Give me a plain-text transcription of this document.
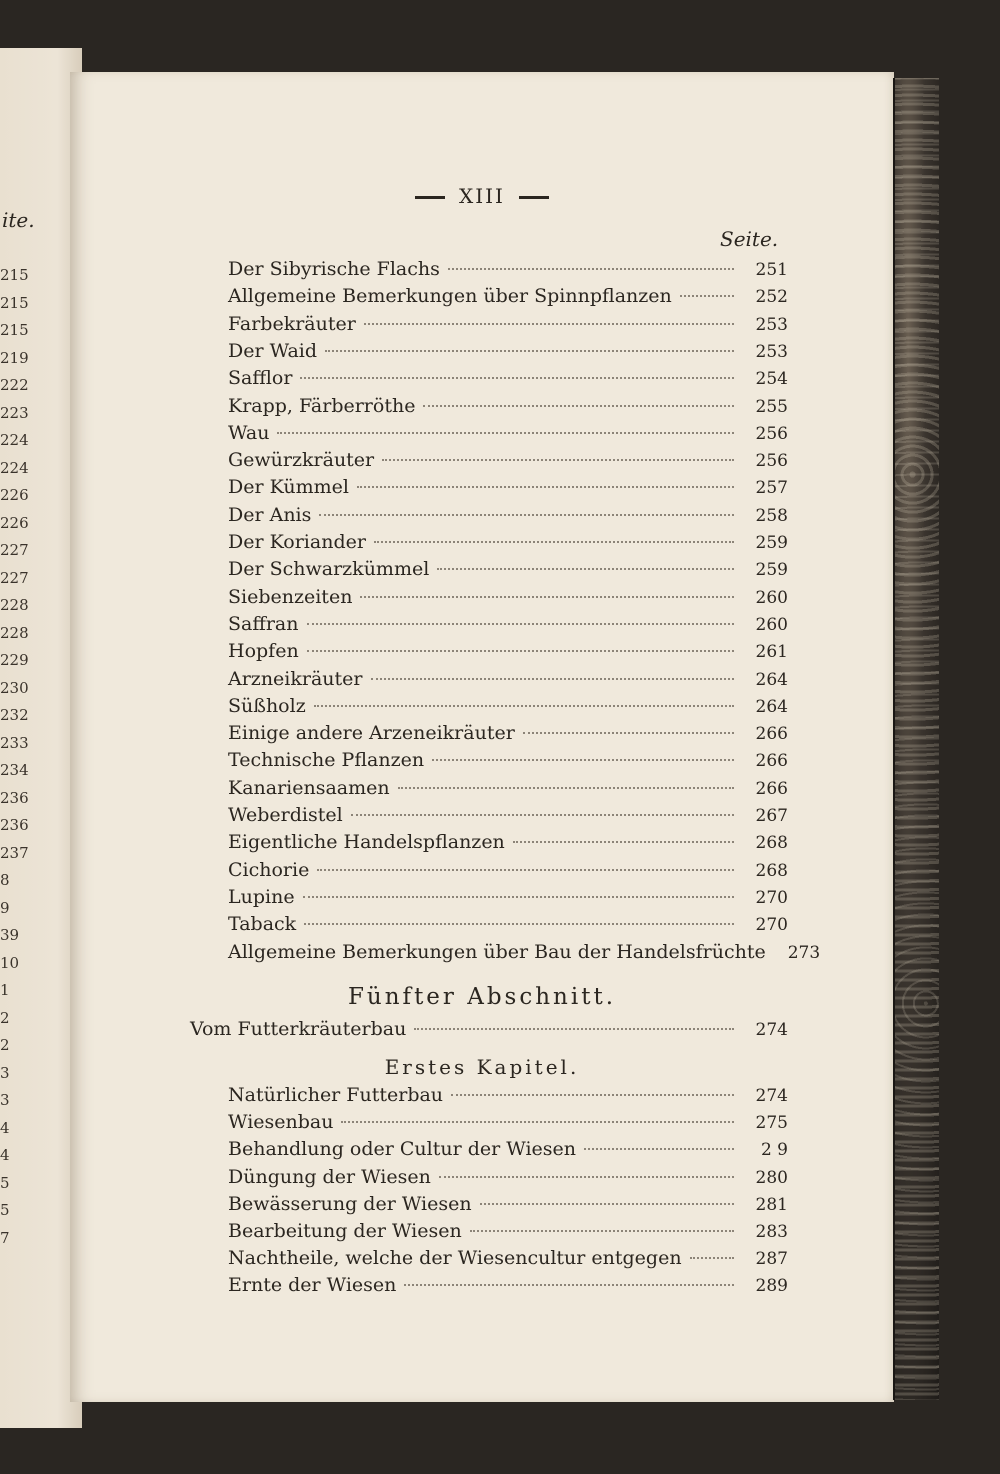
ite.
215
215
215
219
222
223
224
224
226
226
227
227
228
228
229
230
232
233
234
236
236
237
8
9
39
10
1
2
2
3
3
4
4
5
5
7
XIII
Seite.
Der Sibyrische Flachs	251
Allgemeine Bemerkungen über Spinnpflanzen	252
Farbekräuter	253
Der Waid	253
Safflor	254
Krapp, Färberröthe	255
Wau	256
Gewürzkräuter	256
Der Kümmel	257
Der Anis	258
Der Koriander	259
Der Schwarzkümmel	259
Siebenzeiten	260
Saffran	260
Hopfen	261
Arzneikräuter	264
Süßholz	264
Einige andere Arzeneikräuter	266
Technische Pflanzen	266
Kanariensaamen	266
Weberdistel	267
Eigentliche Handelspflanzen	268
Cichorie	268
Lupine	270
Taback	270
Allgemeine Bemerkungen über Bau der Handelsfrüchte	273
Fünfter Abschnitt.
Vom Futterkräuterbau	274
Erstes Kapitel.
Natürlicher Futterbau	274
Wiesenbau	275
Behandlung oder Cultur der Wiesen	2 9
Düngung der Wiesen	280
Bewässerung der Wiesen	281
Bearbeitung der Wiesen	283
Nachtheile, welche der Wiesencultur entgegen	287
Ernte der Wiesen	289
